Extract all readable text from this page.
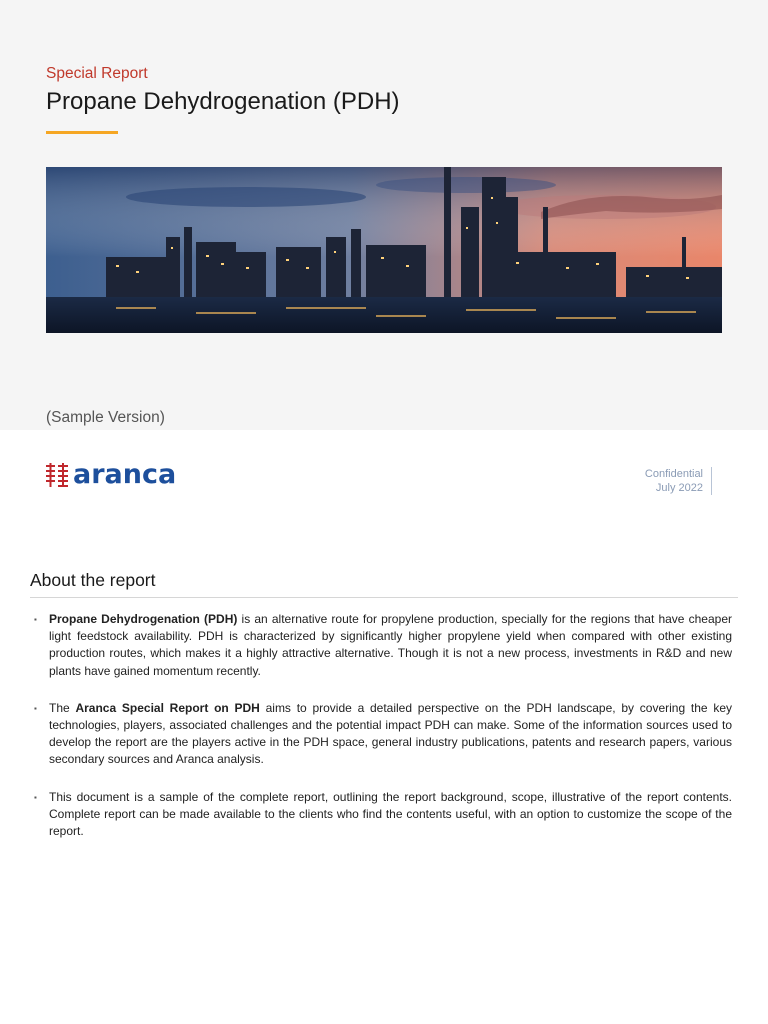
Special Report
Propane Dehydrogenation (PDH)
(Sample Version)
aranca	Confidential
July 2022
About the report
▪ Propane Dehydrogenation (PDH) is an alternative route for propylene production, specially for the regions that have cheaper light feedstock availability. PDH is characterized by significantly higher propylene yield when compared with other existing production routes, which makes it a highly attractive alternative. Though it is not a new process, investments in R&D and new plants have gained momentum recently.
▪ The Aranca Special Report on PDH aims to provide a detailed perspective on the PDH landscape, by covering the key technologies, players, associated challenges and the potential impact PDH can make. Some of the information sources used to develop the report are the players active in the PDH space, general industry publications, patents and research papers, various secondary sources and Aranca analysis.
▪ This document is a sample of the complete report, outlining the report background, scope, illustrative of the report contents. Complete report can be made available to the clients who find the contents useful, with an option to customize the scope of the report.
